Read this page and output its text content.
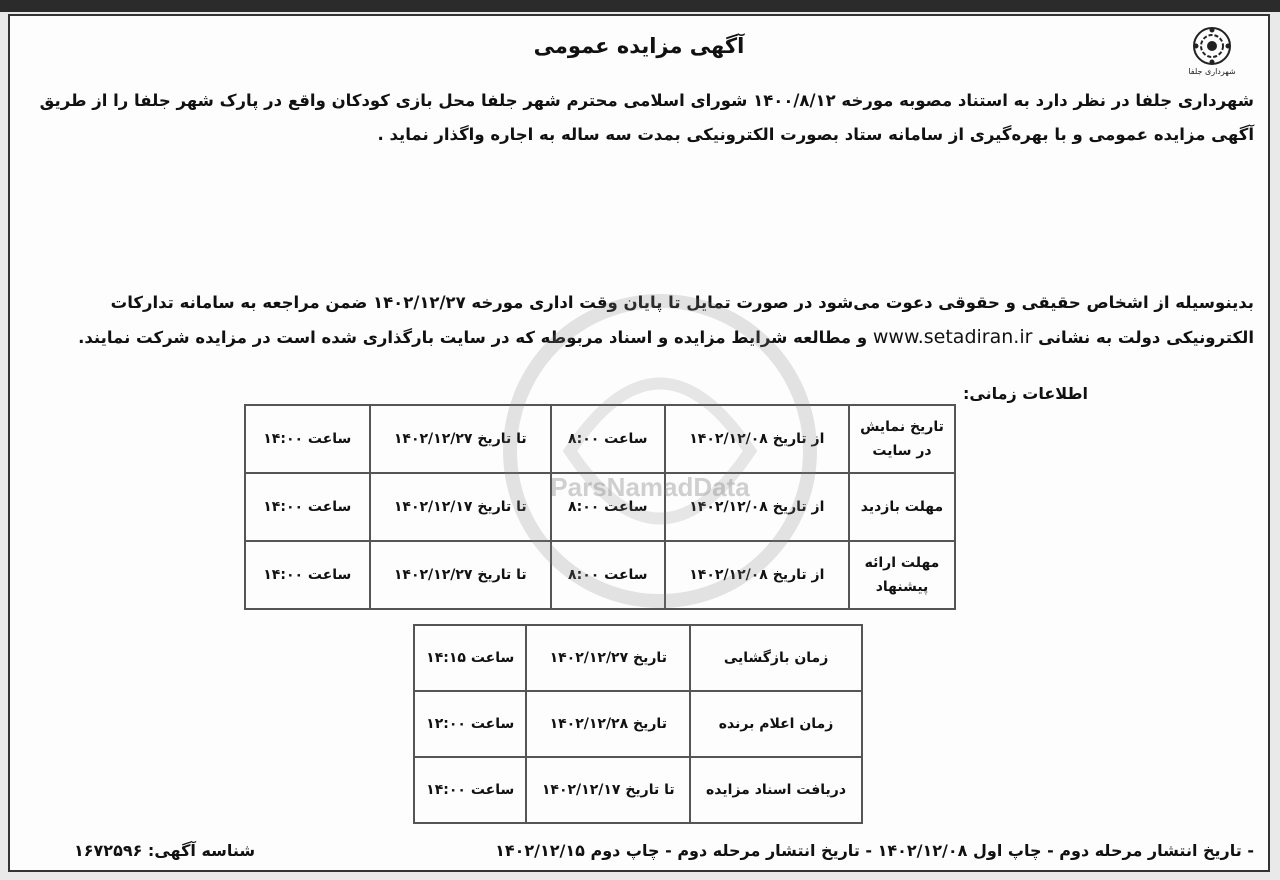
شهرداری جلفا
آگهی مزایده عمومی

شهرداری جلفا در نظر دارد به استناد مصوبه مورخه ۱۴۰۰/۸/۱۲ شورای اسلامی محترم شهر جلفا محل بازی کودکان واقع در پارک شهر جلفا را از طریق آگهی مزایده عمومی و با بهره‌گیری از سامانه ستاد بصورت الکترونیکی بمدت سه ساله به اجاره واگذار نماید .

بدینوسیله از اشخاص حقیقی و حقوقی دعوت می‌شود در صورت تمایل تا پایان وقت اداری مورخه ۱۴۰۲/۱۲/۲۷ ضمن مراجعه به سامانه تدارکات الکترونیکی دولت به نشانی www.setadiran.ir و مطالعه شرایط مزایده و اسناد مربوطه که در سایت بارگذاری شده است در مزایده شرکت نمایند.

اطلاعات زمانی:
تاریخ نمایش در سایت	از تاریخ ۱۴۰۲/۱۲/۰۸	ساعت ۸:۰۰	تا تاریخ ۱۴۰۲/۱۲/۲۷	ساعت ۱۴:۰۰
مهلت بازدید	از تاریخ ۱۴۰۲/۱۲/۰۸	ساعت ۸:۰۰	تا تاریخ ۱۴۰۲/۱۲/۱۷	ساعت ۱۴:۰۰
مهلت ارائه پیشنهاد	از تاریخ ۱۴۰۲/۱۲/۰۸	ساعت ۸:۰۰	تا تاریخ ۱۴۰۲/۱۲/۲۷	ساعت ۱۴:۰۰
زمان بازگشایی	تاریخ ۱۴۰۲/۱۲/۲۷	ساعت ۱۴:۱۵
زمان اعلام برنده	تاریخ ۱۴۰۲/۱۲/۲۸	ساعت ۱۲:۰۰
دریافت اسناد مزایده	تا تاریخ ۱۴۰۲/۱۲/۱۷	ساعت ۱۴:۰۰
ParsNamadData
- تاریخ انتشار مرحله دوم - چاپ اول ۱۴۰۲/۱۲/۰۸ - تاریخ انتشار مرحله دوم - چاپ دوم ۱۴۰۲/۱۲/۱۵
شناسه آگهی: ۱۶۷۲۵۹۶
